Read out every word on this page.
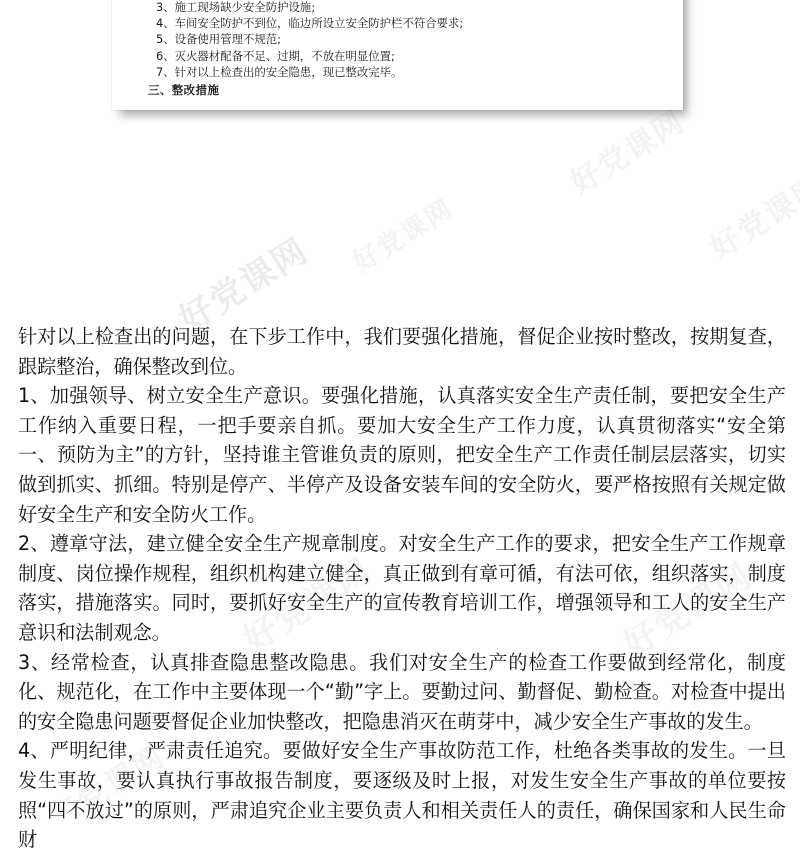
好党课网
3、施工现场缺少安全防护设施;
4、车间安全防护不到位，临边所设立安全防护栏不符合要求;
5、设备使用管理不规范;
6、灭火器材配备不足、过期，不放在明显位置;
7、针对以上检查出的安全隐患，现已整改完毕。
三、整改措施

针对以上检查出的问题，在下步工作中，我们要强化措施，督促企业按时整改，按期复查，跟踪整治，确保整改到位。

1、加强领导、树立安全生产意识。要强化措施，认真落实安全生产责任制，要把安全生产工作纳入重要日程，一把手要亲自抓。要加大安全生产工作力度，认真贯彻落实“安全第一、预防为主”的方针，坚持谁主管谁负责的原则，把安全生产工作责任制层层落实，切实做到抓实、抓细。特别是停产、半停产及设备安装车间的安全防火，要严格按照有关规定做好安全生产和安全防火工作。

2、遵章守法，建立健全安全生产规章制度。对安全生产工作的要求，把安全生产工作规章制度、岗位操作规程，组织机构建立健全，真正做到有章可循，有法可依，组织落实，制度落实，措施落实。同时，要抓好安全生产的宣传教育培训工作，增强领导和工人的安全生产意识和法制观念。

3、经常检查，认真排查隐患整改隐患。我们对安全生产的检查工作要做到经常化，制度化、规范化，在工作中主要体现一个“勤”字上。要勤过问、勤督促、勤检查。对检查中提出的安全隐患问题要督促企业加快整改，把隐患消灭在萌芽中，减少安全生产事故的发生。

4、严明纪律，严肃责任追究。要做好安全生产事故防范工作，杜绝各类事故的发生。一旦发生事故，要认真执行事故报告制度，要逐级及时上报，对发生安全生产事故的单位要按照“四不放过”的原则，严肃追究企业主要负责人和相关责任人的责任，确保国家和人民生命财
